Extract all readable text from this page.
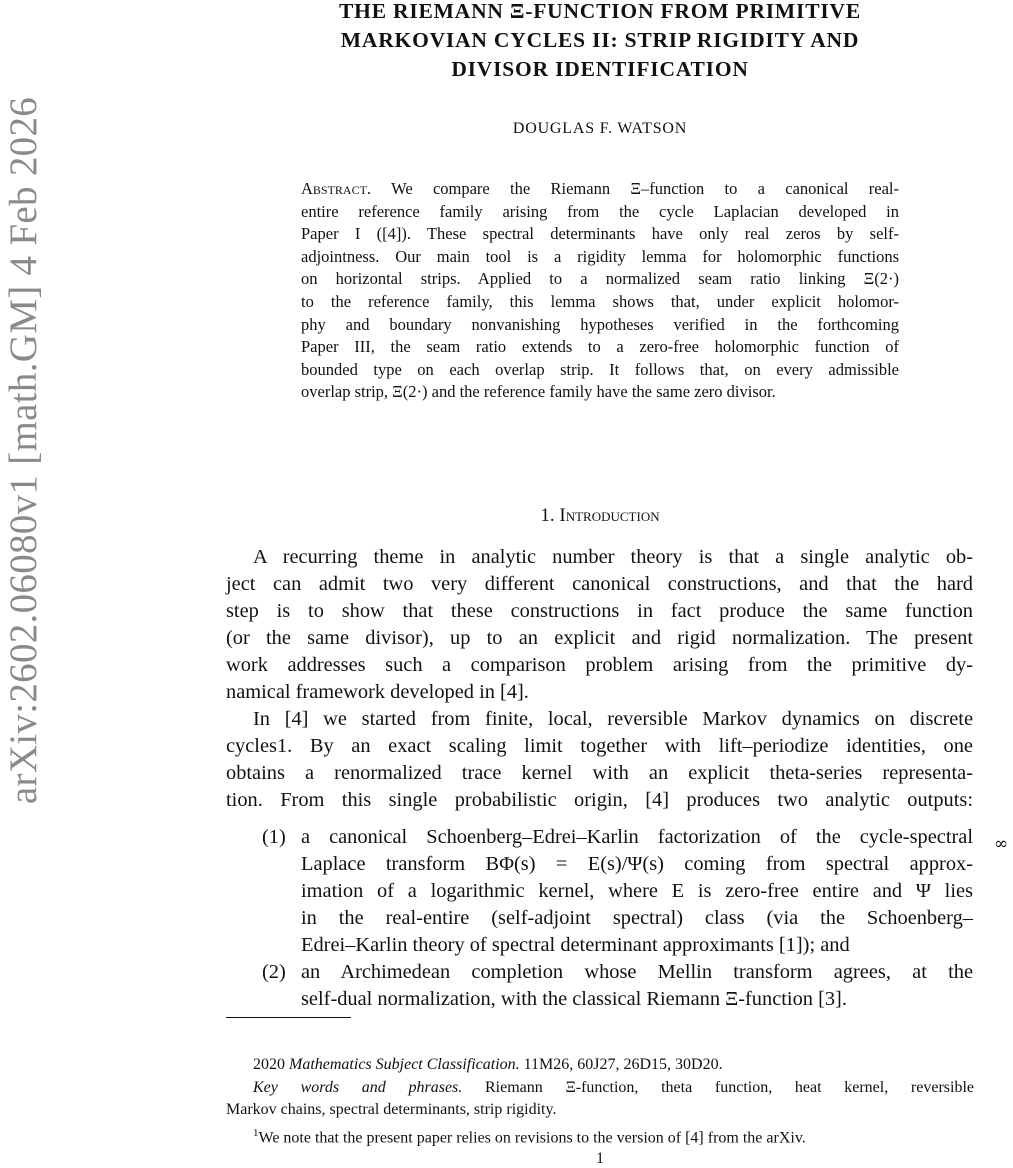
arXiv:2602.06080v1 [math.GM] 4 Feb 2026
THE RIEMANN Ξ-FUNCTION FROM PRIMITIVE
MARKOVIAN CYCLES II: STRIP RIGIDITY AND
DIVISOR IDENTIFICATION
DOUGLAS F. WATSON
Abstract. We compare the Riemann Ξ–function to a canonical real-
entire reference family arising from the cycle Laplacian developed in
Paper I ([4]). These spectral determinants have only real zeros by self-
adjointness. Our main tool is a rigidity lemma for holomorphic functions
on horizontal strips. Applied to a normalized seam ratio linking Ξ(2·)
to the reference family, this lemma shows that, under explicit holomor-
phy and boundary nonvanishing hypotheses verified in the forthcoming
Paper III, the seam ratio extends to a zero-free holomorphic function of
bounded type on each overlap strip. It follows that, on every admissible
overlap strip, Ξ(2·) and the reference family have the same zero divisor.
1. Introduction
A recurring theme in analytic number theory is that a single analytic ob-
ject can admit two very different canonical constructions, and that the hard
step is to show that these constructions in fact produce the same function
(or the same divisor), up to an explicit and rigid normalization. The present
work addresses such a comparison problem arising from the primitive dy-
namical framework developed in [4].
In [4] we started from finite, local, reversible Markov dynamics on discrete
cycles1. By an exact scaling limit together with lift–periodize identities, one
obtains a renormalized trace kernel with an explicit theta-series representa-
tion. From this single probabilistic origin, [4] produces two analytic outputs:
(1) a canonical Schoenberg–Edrei–Karlin factorization of the cycle-spectral
Laplace transform BΦ(s) = E(s)/Ψ(s) coming from spectral approx-
imation of a logarithmic kernel, where E is zero-free entire and Ψ lies
in the real-entire (self-adjoint spectral) class (via the Schoenberg–
Edrei–Karlin theory of spectral determinant approximants [1]); and
(2) an Archimedean completion whose Mellin transform agrees, at the
self-dual normalization, with the classical Riemann Ξ-function [3].
∞
2020 Mathematics Subject Classification. 11M26, 60J27, 26D15, 30D20.
Key words and phrases. Riemann Ξ-function, theta function, heat kernel, reversible
Markov chains, spectral determinants, strip rigidity.
$^1$We note that the present paper relies on revisions to the version of [4] from the arXiv.
1
